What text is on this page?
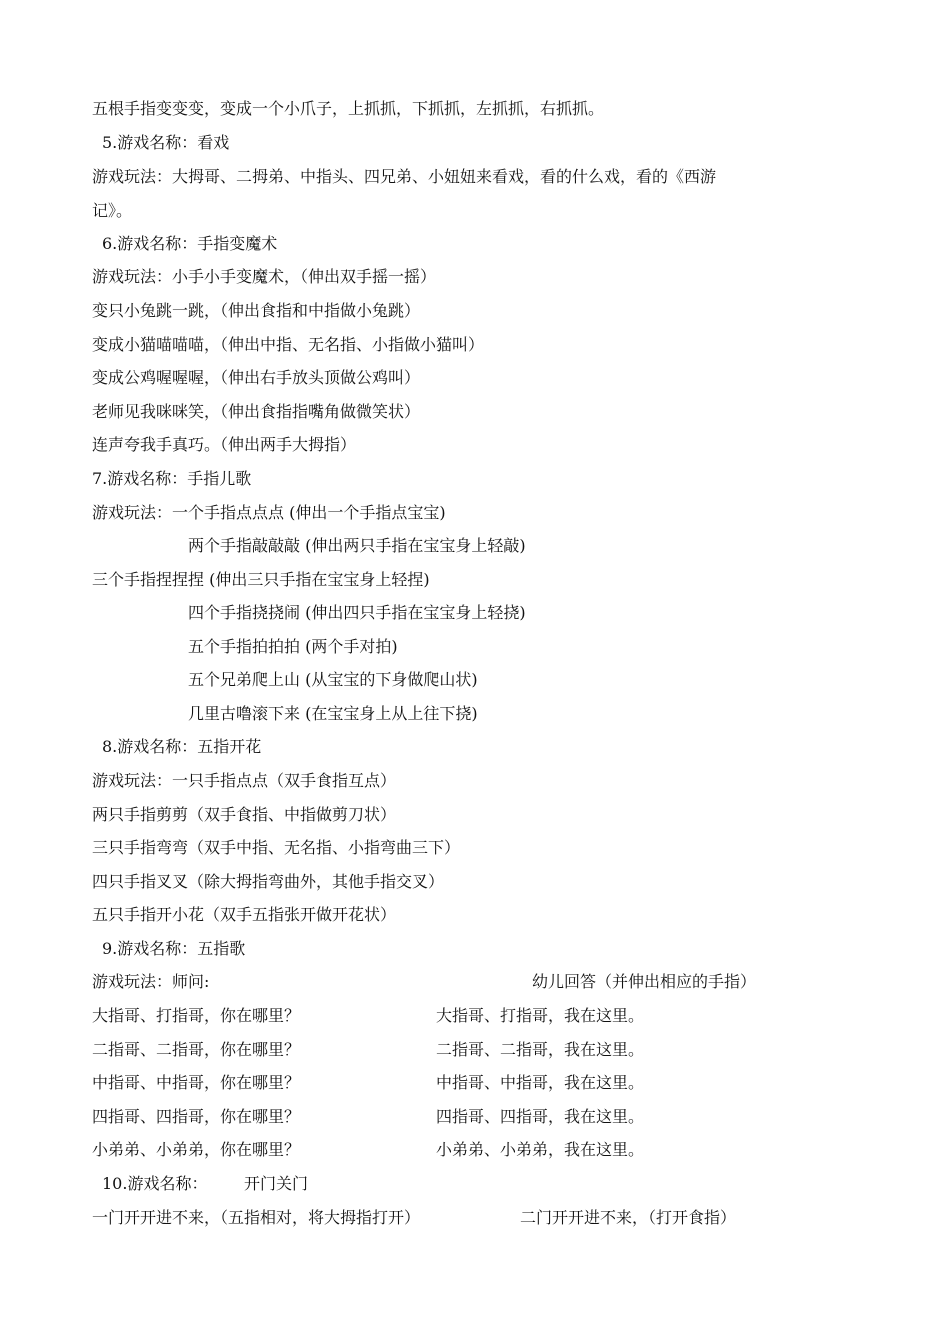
五根手指变变变，变成一个小爪子，上抓抓，下抓抓，左抓抓，右抓抓。
5.游戏名称：看戏
游戏玩法：大拇哥、二拇弟、中指头、四兄弟、小妞妞来看戏，看的什么戏，看的《西游
记》。
6.游戏名称：手指变魔术
游戏玩法：小手小手变魔术，（伸出双手摇一摇）
变只小兔跳一跳，（伸出食指和中指做小兔跳）
变成小猫喵喵喵，（伸出中指、无名指、小指做小猫叫）
变成公鸡喔喔喔，（伸出右手放头顶做公鸡叫）
老师见我咪咪笑，（伸出食指指嘴角做微笑状）
连声夸我手真巧。（伸出两手大拇指）
7.游戏名称：手指儿歌
游戏玩法：一个手指点点点 (伸出一个手指点宝宝)
两个手指敲敲敲 (伸出两只手指在宝宝身上轻敲)
三个手指捏捏捏 (伸出三只手指在宝宝身上轻捏)
四个手指挠挠闹 (伸出四只手指在宝宝身上轻挠)
五个手指拍拍拍 (两个手对拍)
五个兄弟爬上山 (从宝宝的下身做爬山状)
几里古噜滚下来 (在宝宝身上从上往下挠)
8.游戏名称：五指开花
游戏玩法：一只手指点点（双手食指互点）
两只手指剪剪（双手食指、中指做剪刀状）
三只手指弯弯（双手中指、无名指、小指弯曲三下）
四只手指叉叉（除大拇指弯曲外，其他手指交叉）
五只手指开小花（双手五指张开做开花状）
9.游戏名称：五指歌
游戏玩法：师问:	幼儿回答（并伸出相应的手指）
大指哥、打指哥，你在哪里？	大指哥、打指哥，我在这里。
二指哥、二指哥，你在哪里？	二指哥、二指哥，我在这里。
中指哥、中指哥，你在哪里？	中指哥、中指哥，我在这里。
四指哥、四指哥，你在哪里？	四指哥、四指哥，我在这里。
小弟弟、小弟弟，你在哪里？	小弟弟、小弟弟，我在这里。
10.游戏名称： 开门关门
一门开开进不来，（五指相对，将大拇指打开）	二门开开进不来，（打开食指）
